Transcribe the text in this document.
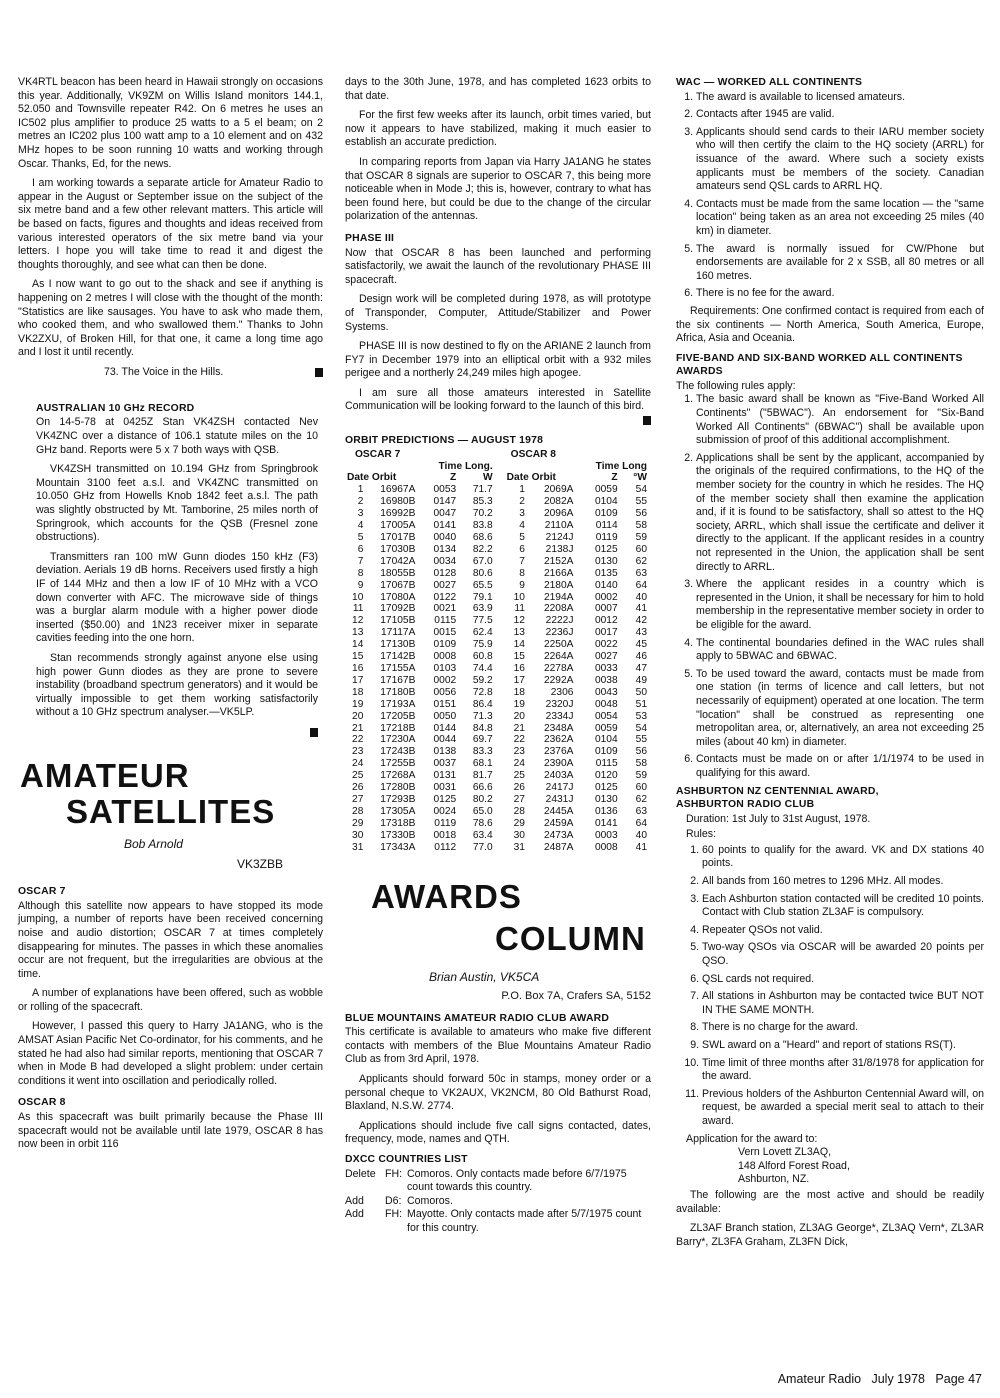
VK4RTL beacon has been heard in Hawaii strongly on occasions this year. Additionally, VK9ZM on Willis Island monitors 144.1, 52.050 and Townsville repeater R42. On 6 metres he uses an IC502 plus amplifier to produce 25 watts to a 5 el beam; on 2 metres an IC202 plus 100 watt amp to a 10 element and on 432 MHz hopes to be soon running 10 watts and working through Oscar. Thanks, Ed, for the news.

I am working towards a separate article for Amateur Radio to appear in the August or September issue on the subject of the six metre band and a few other relevant matters. This article will be based on facts, figures and thoughts and ideas received from various interested operators of the six metre band via your letters. I hope you will take time to read it and digest the thoughts thoroughly, and see what can then be done.

As I now want to go out to the shack and see if anything is happening on 2 metres I will close with the thought of the month: "Statistics are like sausages. You have to ask who made them, who cooked them, and who swallowed them." Thanks to John VK2ZXU, of Broken Hill, for that one, it came a long time ago and I lost it until recently.

73. The Voice in the Hills.
AUSTRALIAN 10 GHz RECORD

On 14-5-78 at 0425Z Stan VK4ZSH contacted Nev VK4ZNC over a distance of 106.1 statute miles on the 10 GHz band. Reports were 5 x 7 both ways with QSB.

VK4ZSH transmitted on 10.194 GHz from Springbrook Mountain 3100 feet a.s.l. and VK4ZNC transmitted on 10.050 GHz from Howells Knob 1842 feet a.s.l. The path was slightly obstructed by Mt. Tamborine, 25 miles north of Springrook, which accounts for the QSB (Fresnel zone obstructions).

Transmitters ran 100 mW Gunn diodes 150 kHz (F3) deviation. Aerials 19 dB horns. Receivers used firstly a high IF of 144 MHz and then a low IF of 10 MHz with a VCO down converter with AFC. The microwave side of things was a burglar alarm module with a higher power diode inserted ($50.00) and 1N23 receiver mixer in separate cavities feeding into the one horn.

Stan recommends strongly against anyone else using high power Gunn diodes as they are prone to severe instability (broadband spectrum generators) and it would be virtually impossible to get them working satisfactorily without a 10 GHz spectrum analyser.—VK5LP.

AMATEUR
SATELLITES
Bob Arnold
VK3ZBB
OSCAR 7

Although this satellite now appears to have stopped its mode jumping, a number of reports have been received concerning noise and audio distortion; OSCAR 7 at times completely disappearing for minutes. The passes in which these anomalies occur are not frequent, but the irregularities are obvious at the time.

A number of explanations have been offered, such as wobble or rolling of the spacecraft.

However, I passed this query to Harry JA1ANG, who is the AMSAT Asian Pacific Net Co-ordinator, for his comments, and he stated he had also had similar reports, mentioning that OSCAR 7 when in Mode B had developed a slight problem: under certain conditions it went into oscillation and periodically rolled.

OSCAR 8

As this spacecraft was built primarily because the Phase III spacecraft would not be available until late 1979, OSCAR 8 has now been in orbit 116

days to the 30th June, 1978, and has completed 1623 orbits to that date.

For the first few weeks after its launch, orbit times varied, but now it appears to have stabilized, making it much easier to establish an accurate prediction.

In comparing reports from Japan via Harry JA1ANG he states that OSCAR 8 signals are superior to OSCAR 7, this being more noticeable when in Mode J; this is, however, contrary to what has been found here, but could be due to the change of the circular polarization of the antennas.

PHASE III

Now that OSCAR 8 has been launched and performing satisfactorily, we await the launch of the revolutionary PHASE III spacecraft.

Design work will be completed during 1978, as will prototype of Transponder, Computer, Attitude/Stabilizer and Power Systems.

PHASE III is now destined to fly on the ARIANE 2 launch from FY7 in December 1979 into an elliptical orbit with a 932 miles perigee and a northerly 24,249 miles high apogee.

I am sure all those amateurs interested in Satellite Communication will be looking forward to the launch of this bird.

ORBIT PREDICTIONS — AUGUST 1978
OSCAR 7					OSCAR 8			
		Time Long.					Time Long	
Date Orbit		Z	W		Date Orbit		Z	°W
1	16967A	0053	71.7		1	2069A	0059	54
2	16980B	0147	85.3		2	2082A	0104	55
3	16992B	0047	70.2		3	2096A	0109	56
4	17005A	0141	83.8		4	2110A	0114	58
5	17017B	0040	68.6		5	2124J	0119	59
6	17030B	0134	82.2		6	2138J	0125	60
7	17042A	0034	67.0		7	2152A	0130	62
8	18055B	0128	80.6		8	2166A	0135	63
9	17067B	0027	65.5		9	2180A	0140	64
10	17080A	0122	79.1		10	2194A	0002	40
11	17092B	0021	63.9		11	2208A	0007	41
12	17105B	0115	77.5		12	2222J	0012	42
13	17117A	0015	62.4		13	2236J	0017	43
14	17130B	0109	75.9		14	2250A	0022	45
15	17142B	0008	60.8		15	2264A	0027	46
16	17155A	0103	74.4		16	2278A	0033	47
17	17167B	0002	59.2		17	2292A	0038	49
18	17180B	0056	72.8		18	2306	0043	50
19	17193A	0151	86.4		19	2320J	0048	51
20	17205B	0050	71.3		20	2334J	0054	53
21	17218B	0144	84.8		21	2348A	0059	54
22	17230A	0044	69.7		22	2362A	0104	55
23	17243B	0138	83.3		23	2376A	0109	56
24	17255B	0037	68.1		24	2390A	0115	58
25	17268A	0131	81.7		25	2403A	0120	59
26	17280B	0031	66.6		26	2417J	0125	60
27	17293B	0125	80.2		27	2431J	0130	62
28	17305A	0024	65.0		28	2445A	0136	63
29	17318B	0119	78.6		29	2459A	0141	64
30	17330B	0018	63.4		30	2473A	0003	40
31	17343A	0112	77.0		31	2487A	0008	41
AWARDS
COLUMN
Brian Austin, VK5CA
P.O. Box 7A, Crafers SA, 5152
BLUE MOUNTAINS AMATEUR RADIO CLUB AWARD

This certificate is available to amateurs who make five different contacts with members of the Blue Mountains Amateur Radio Club as from 3rd April, 1978.

Applicants should forward 50c in stamps, money order or a personal cheque to VK2AUX, VK2NCM, 80 Old Bathurst Road, Blaxland, N.S.W. 2774.

Applications should include five call signs contacted, dates, frequency, mode, names and QTH.

DXCC COUNTRIES LIST
Delete FH: Comoros. Only contacts made before 6/7/1975 count towards this country.
Add	D6: Comoros.
Add	FH: Mayotte. Only contacts made after 5/7/1975 count for this country.
WAC — WORKED ALL CONTINENTS
1. The award is available to licensed amateurs.
2. Contacts after 1945 are valid.
3. Applicants should send cards to their IARU member society who will then certify the claim to the HQ society (ARRL) for issuance of the award. Where such a society exists applicants must be members of the society. Canadian amateurs send QSL cards to ARRL HQ.
4. Contacts must be made from the same location — the "same location" being taken as an area not exceeding 25 miles (40 km) in diameter.
5. The award is normally issued for CW/Phone but endorsements are available for 2 x SSB, all 80 metres or all 160 metres.
6. There is no fee for the award.

Requirements: One confirmed contact is required from each of the six continents — North America, South America, Europe, Africa, Asia and Oceania.

FIVE-BAND AND SIX-BAND WORKED ALL CONTINENTS AWARDS

The following rules apply:

1. The basic award shall be known as "Five-Band Worked All Continents" ("5BWAC"). An endorsement for "Six-Band Worked All Continents" (6BWAC") shall be available upon submission of proof of this additional accomplishment.
2. Applications shall be sent by the applicant, accompanied by the originals of the required confirmations, to the HQ of the member society for the country in which he resides. The HQ of the member society shall then examine the application and, if it is found to be satisfactory, shall so attest to the HQ society, ARRL, which shall issue the certificate and deliver it directly to the applicant. If the applicant resides in a country not represented in the Union, the application shall be sent directly to ARRL.
3. Where the applicant resides in a country which is represented in the Union, it shall be necessary for him to hold membership in the representative member society in order to be eligible for the award.
4. The continental boundaries defined in the WAC rules shall apply to 5BWAC and 6BWAC.
5. To be used toward the award, contacts must be made from one station (in terms of licence and call letters, but not necessarily of equipment) operated at one location. The term "location" shall be construed as representing one metropolitan area, or, alternatively, an area not exceeding 25 miles (about 40 km) in diameter.
6. Contacts must be made on or after 1/1/1974 to be used in qualifying for this award.
ASHBURTON NZ CENTENNIAL AWARD,
ASHBURTON RADIO CLUB

Duration: 1st July to 31st August, 1978.

Rules:

1. 60 points to qualify for the award. VK and DX stations 40 points.
2. All bands from 160 metres to 1296 MHz. All modes.
3. Each Ashburton station contacted will be credited 10 points. Contact with Club station ZL3AF is compulsory.
4. Repeater QSOs not valid.
5. Two-way QSOs via OSCAR will be awarded 20 points per QSO.
6. QSL cards not required.
7. All stations in Ashburton may be contacted twice BUT NOT IN THE SAME MONTH.
8. There is no charge for the award.
9. SWL award on a "Heard" and report of stations RS(T).
10. Time limit of three months after 31/8/1978 for application for the award.
11. Previous holders of the Ashburton Centennial Award will, on request, be awarded a special merit seal to attach to their award.

Application for the award to:

Vern Lovett ZL3AQ,
148 Alford Forest Road,
Ashburton, NZ.

The following are the most active and should be readily available:

ZL3AF Branch station, ZL3AG George*, ZL3AQ Vern*, ZL3AR Barry*, ZL3FA Graham, ZL3FN Dick,

Amateur Radio July 1978 Page 47
